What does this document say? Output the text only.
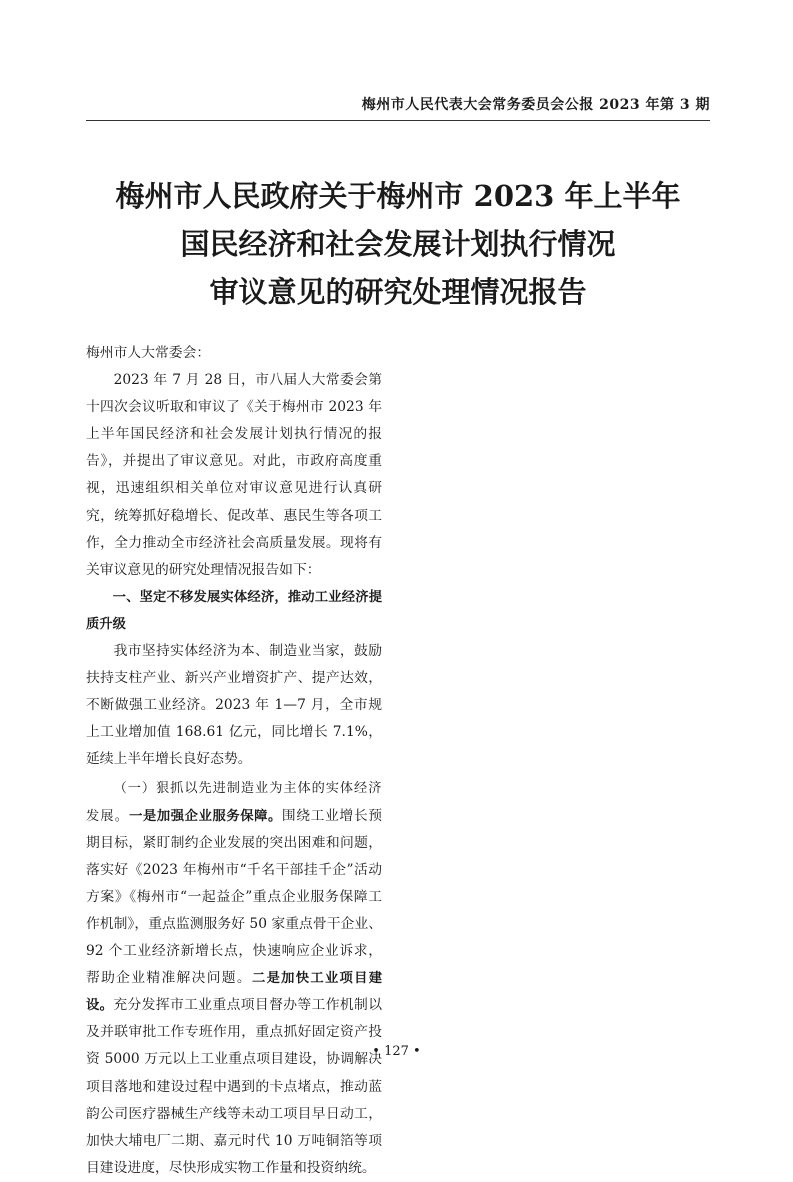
梅州市人民代表大会常务委员会公报 2023 年第 3 期
梅州市人民政府关于梅州市 2023 年上半年
国民经济和社会发展计划执行情况
审议意见的研究处理情况报告

梅州市人大常委会：

2023 年 7 月 28 日，市八届人大常委会第十四次会议听取和审议了《关于梅州市 2023 年上半年国民经济和社会发展计划执行情况的报告》，并提出了审议意见。对此，市政府高度重视，迅速组织相关单位对审议意见进行认真研究，统筹抓好稳增长、促改革、惠民生等各项工作，全力推动全市经济社会高质量发展。现将有关审议意见的研究处理情况报告如下：

一、坚定不移发展实体经济，推动工业经济提质升级

我市坚持实体经济为本、制造业当家，鼓励扶持支柱产业、新兴产业增资扩产、提产达效，不断做强工业经济。2023 年 1—7 月，全市规上工业增加值 168.61 亿元，同比增长 7.1%，延续上半年增长良好态势。

（一）狠抓以先进制造业为主体的实体经济发展。一是加强企业服务保障。围绕工业增长预期目标，紧盯制约企业发展的突出困难和问题，落实好《2023 年梅州市“千名干部挂千企”活动方案》《梅州市“一起益企”重点企业服务保障工作机制》，重点监测服务好 50 家重点骨干企业、92 个工业经济新增长点，快速响应企业诉求，帮助企业精准解决问题。二是加快工业项目建设。充分发挥市工业重点项目督办等工作机制以及并联审批工作专班作用，重点抓好固定资产投资 5000 万元以上工业重点项目建设，协调解决项目落地和建设过程中遇到的卡点堵点，推动蓝韵公司医疗器械生产线等未动工项目早日动工，加快大埔电厂二期、嘉元时代 10 万吨铜箔等项目建设进度，尽快形成实物工作量和投资纳统。

• 127 •
